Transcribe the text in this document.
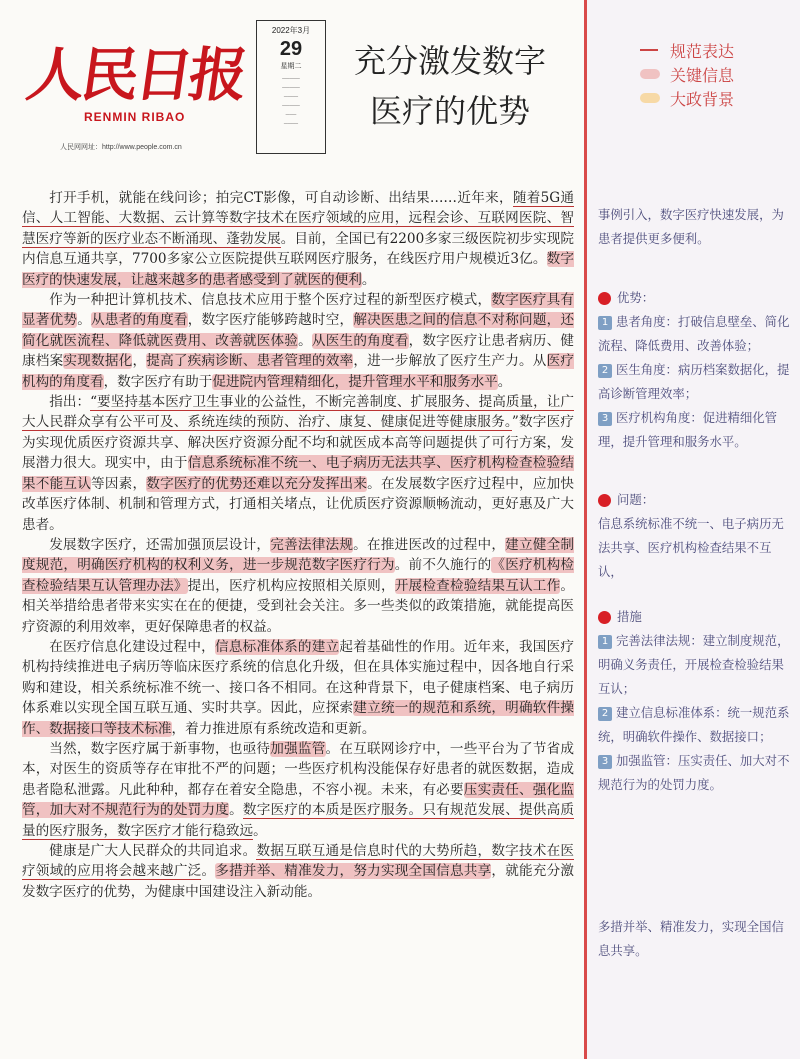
人民日报
RENMIN RIBAO
人民网网址：http://www.people.com.cn
2022年3月
29
星期二
─────
─────
────
─────
───
────
充分激发数字
医疗的优势
规范表达
关键信息
大政背景

打开手机，就能在线问诊；拍完CT影像，可自动诊断、出结果……近年来，随着5G通信、人工智能、大数据、云计算等数字技术在医疗领域的应用，远程会诊、互联网医院、智慧医疗等新的医疗业态不断涌现、蓬勃发展。目前，全国已有2200多家三级医院初步实现院内信息互通共享，7700多家公立医院提供互联网医疗服务，在线医疗用户规模近3亿。数字医疗的快速发展，让越来越多的患者感受到了就医的便利。

作为一种把计算机技术、信息技术应用于整个医疗过程的新型医疗模式，数字医疗具有显著优势。从患者的角度看，数字医疗能够跨越时空，解决医患之间的信息不对称问题，还简化就医流程、降低就医费用、改善就医体验。从医生的角度看，数字医疗让患者病历、健康档案实现数据化，提高了疾病诊断、患者管理的效率，进一步解放了医疗生产力。从医疗机构的角度看，数字医疗有助于促进院内管理精细化，提升管理水平和服务水平。

指出：“要坚持基本医疗卫生事业的公益性，不断完善制度、扩展服务、提高质量，让广大人民群众享有公平可及、系统连续的预防、治疗、康复、健康促进等健康服务。”数字医疗为实现优质医疗资源共享、解决医疗资源分配不均和就医成本高等问题提供了可行方案，发展潜力很大。现实中，由于信息系统标准不统一、电子病历无法共享、医疗机构检查检验结果不能互认等因素，数字医疗的优势还难以充分发挥出来。在发展数字医疗过程中，应加快改革医疗体制、机制和管理方式，打通相关堵点，让优质医疗资源顺畅流动，更好惠及广大患者。

发展数字医疗，还需加强顶层设计，完善法律法规。在推进医改的过程中，建立健全制度规范，明确医疗机构的权利义务，进一步规范数字医疗行为。前不久施行的《医疗机构检查检验结果互认管理办法》提出，医疗机构应按照相关原则，开展检查检验结果互认工作。相关举措给患者带来实实在在的便捷，受到社会关注。多一些类似的政策措施，就能提高医疗资源的利用效率，更好保障患者的权益。

在医疗信息化建设过程中，信息标准体系的建立起着基础性的作用。近年来，我国医疗机构持续推进电子病历等临床医疗系统的信息化升级，但在具体实施过程中，因各地自行采购和建设，相关系统标准不统一、接口各不相同。在这种背景下，电子健康档案、电子病历体系难以实现全国互联互通、实时共享。因此，应探索建立统一的规范和系统，明确软件操作、数据接口等技术标准，着力推进原有系统改造和更新。

当然，数字医疗属于新事物，也亟待加强监管。在互联网诊疗中，一些平台为了节省成本，对医生的资质等存在审批不严的问题；一些医疗机构没能保存好患者的就医数据，造成患者隐私泄露。凡此种种，都存在着安全隐患，不容小视。未来，有必要压实责任、强化监管，加大对不规范行为的处罚力度。数字医疗的本质是医疗服务。只有规范发展、提供高质量的医疗服务，数字医疗才能行稳致远。

健康是广大人民群众的共同追求。数据互联互通是信息时代的大势所趋，数字技术在医疗领域的应用将会越来越广泛。多措并举、精准发力，努力实现全国信息共享，就能充分激发数字医疗的优势，为健康中国建设注入新动能。

事例引入，数字医疗快速发展，为患者提供更多便利。
优势：
1 患者角度：打破信息壁垒、简化流程、降低费用、改善体验；
2 医生角度：病历档案数据化，提高诊断管理效率；
3 医疗机构角度：促进精细化管理，提升管理和服务水平。
问题：
信息系统标准不统一、电子病历无法共享、医疗机构检查结果不互认，
措施
1 完善法律法规：建立制度规范，明确义务责任，开展检查检验结果互认；
2 建立信息标准体系：统一规范系统，明确软件操作、数据接口；
3 加强监管：压实责任、加大对不规范行为的处罚力度。
多措并举、精准发力，实现全国信息共享。
